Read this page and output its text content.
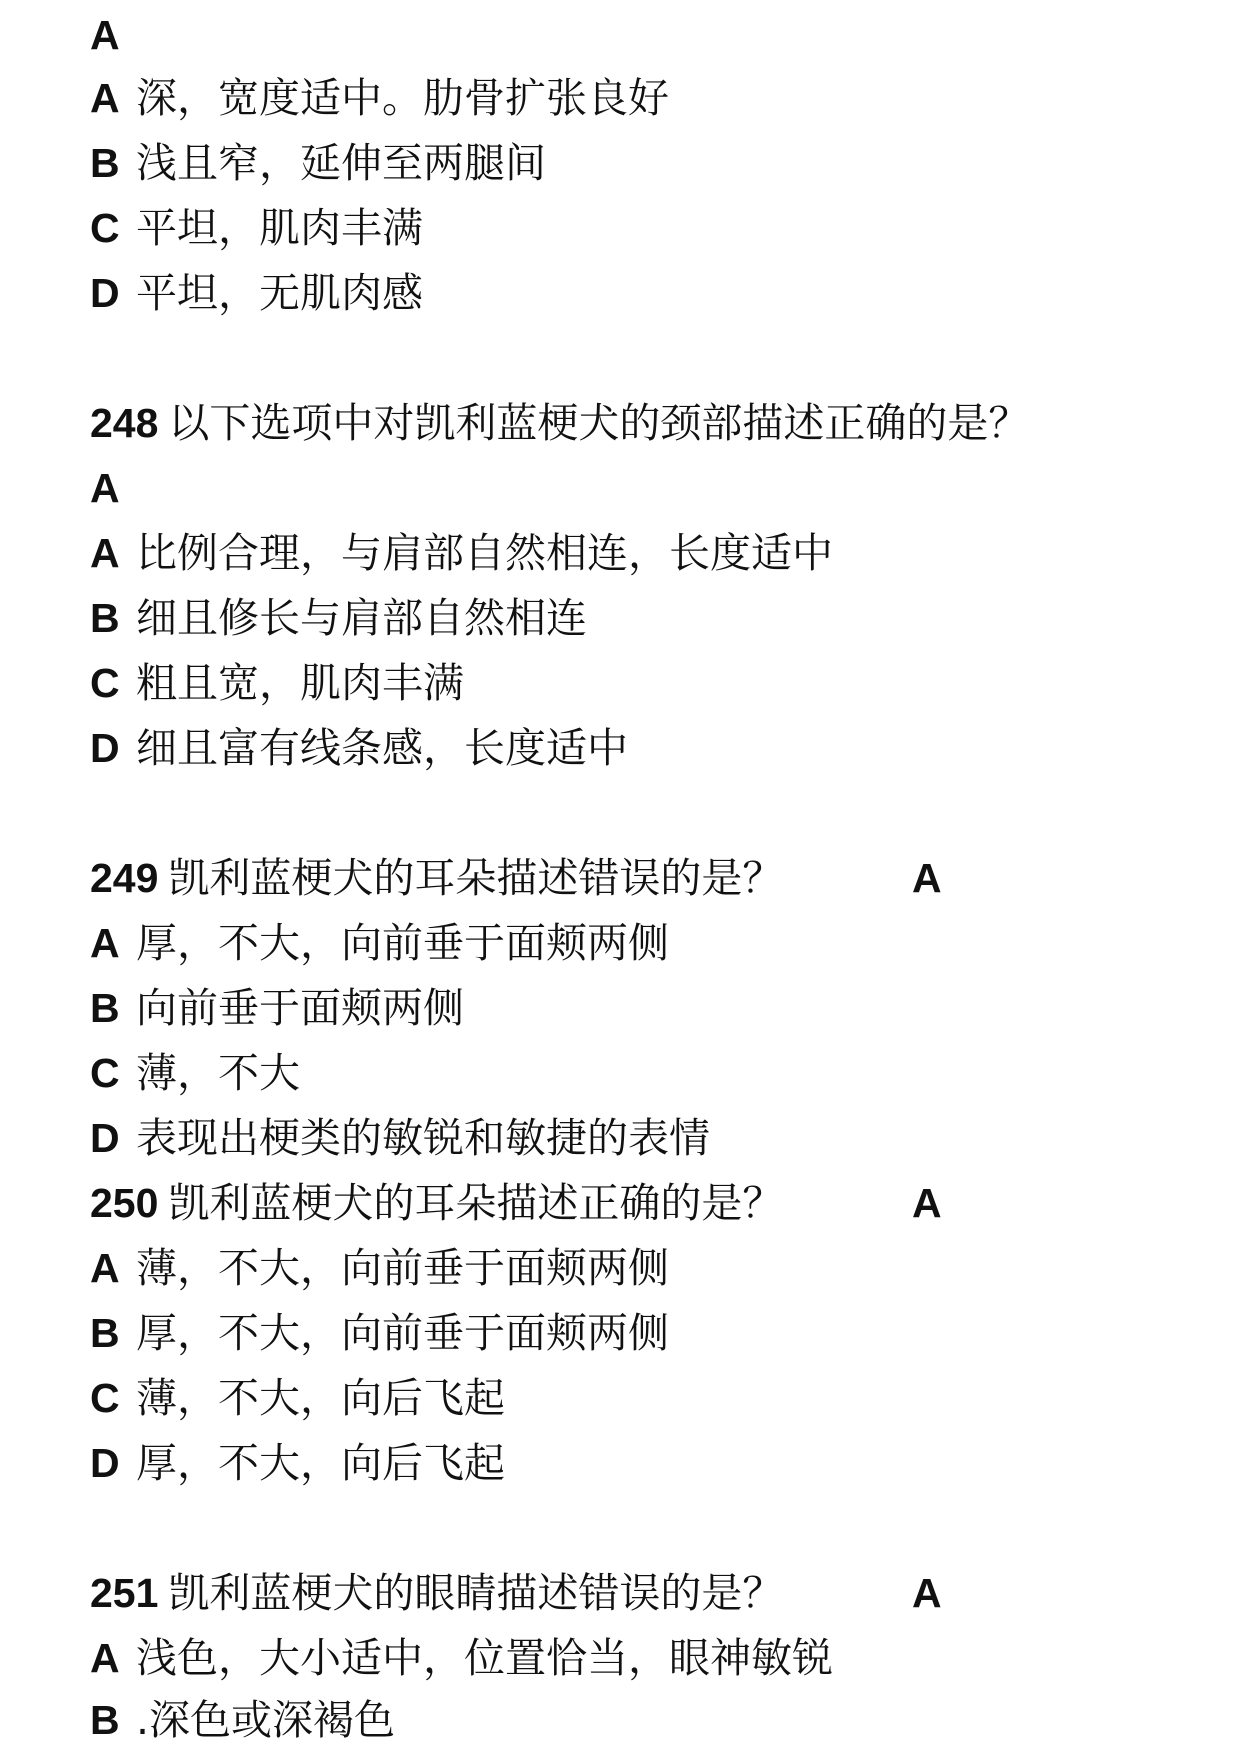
A
A 深，宽度适中。肋骨扩张良好
B 浅且窄，延伸至两腿间
C 平坦，肌肉丰满
D 平坦，无肌肉感
248 以下选项中对凯利蓝梗犬的颈部描述正确的是？
A
A 比例合理，与肩部自然相连，长度适中
B 细且修长与肩部自然相连
C 粗且宽，肌肉丰满
D 细且富有线条感，长度适中
249 凯利蓝梗犬的耳朵描述错误的是？	A
A 厚，不大，向前垂于面颊两侧
B 向前垂于面颊两侧
C 薄，不大
D 表现出梗类的敏锐和敏捷的表情
250 凯利蓝梗犬的耳朵描述正确的是？	A
A 薄，不大，向前垂于面颊两侧
B 厚，不大，向前垂于面颊两侧
C 薄，不大，向后飞起
D 厚，不大，向后飞起
251 凯利蓝梗犬的眼睛描述错误的是？	A
A 浅色，大小适中，位置恰当，眼神敏锐
B .深色或深褐色
